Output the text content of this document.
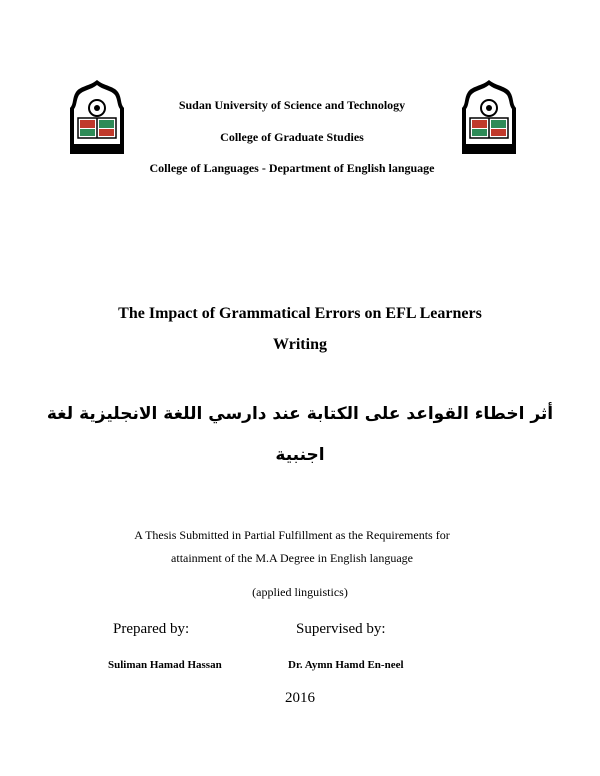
Sudan University of Science and Technology
College of Graduate Studies
College of Languages - Department of English language
The Impact of Grammatical Errors on EFL Learners
Writing
أثر اخطاء القواعد على الكتابة عند دارسي اللغة الانجليزية لغة
اجنبية
A Thesis Submitted in Partial Fulfillment as the Requirements for
attainment of the M.A Degree in English language
(applied linguistics)
Prepared by:	Supervised by:
Suliman Hamad Hassan	Dr. Aymn Hamd En-neel
2016
